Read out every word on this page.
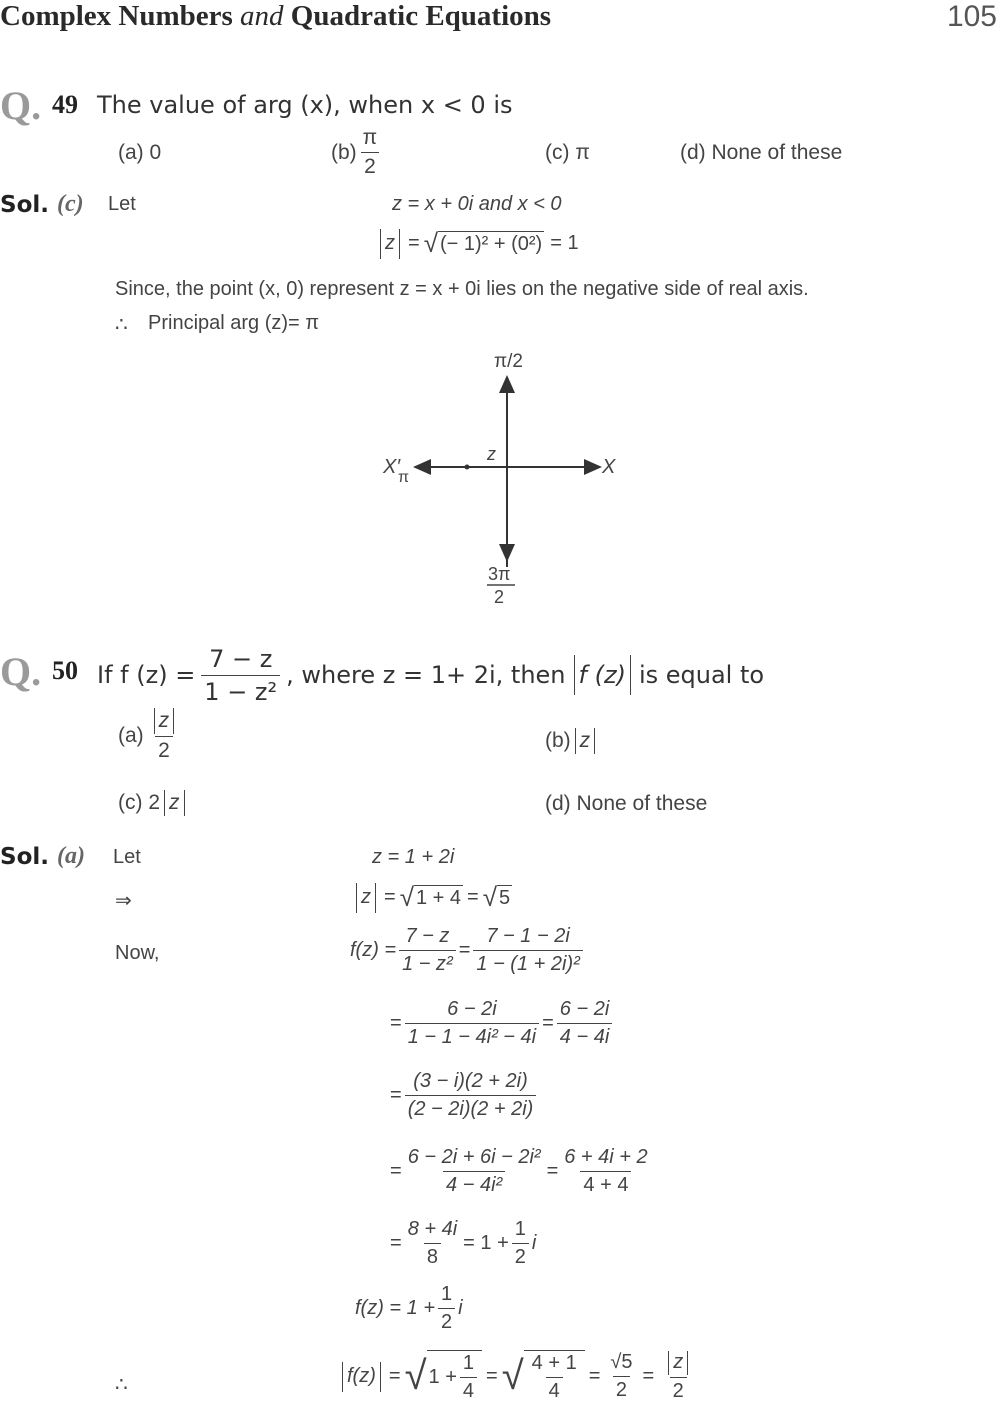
Complex Numbers and Quadratic Equations	105
Q. 49 The value of arg (x), when x < 0 is
(a) 0	$(b) \frac{\pi}{2}$	(c) π	(d) None of these
Sol. (c) Let	z = x + 0i and x < 0
z = √ (− 1)² + (0²) = 1
Since, the point (x, 0) represent z = x + 0i lies on the negative side of real axis.
∴ Principal arg (z)= π
π/2
X
X′
π
z
3π
2
Q. 50 If f $(z) = \frac{7 - z}{\text{1 − z²}}$ , where z = 1+ 2i, then f (z) is equal to
$(a) \frac{z}{2}$	(b) z
(c) 2 z	(d) None of these
Sol. (a) Let	z = 1 + 2i
⇒	z = √ 1 + 4 = √ 5
Now,	$f(z) = \frac{7 - z}{\text{1 − z²}} = \frac{7 - 1 - 2i}{\text{1 − (1 + 2i)²}}$
= $\frac{6 - 2i}{\text{1 − 1 − 4i² − 4i}} = \frac{6 - 2i}{4 - 4i}$
= $\frac{(3 - i)(2 + 2i)}{(2 - 2i)(2 + 2i)}$
= $\frac{\text{6 − 2i + 6i − 2i²}}{\text{4 − 4i²}} = \frac{6 + 4i + 2}{4 + 4}$
= $\frac{8 + 4i}{8} = 1 + \frac{1}{2}$ i
$f(z) = 1 + \frac{1}{2}$ i
∴	f(z) = √ $1 + \frac{1}{4}$ = √ $\frac{4 + 1}{4} = \frac{√5}{2} = \frac{z}{2}$
